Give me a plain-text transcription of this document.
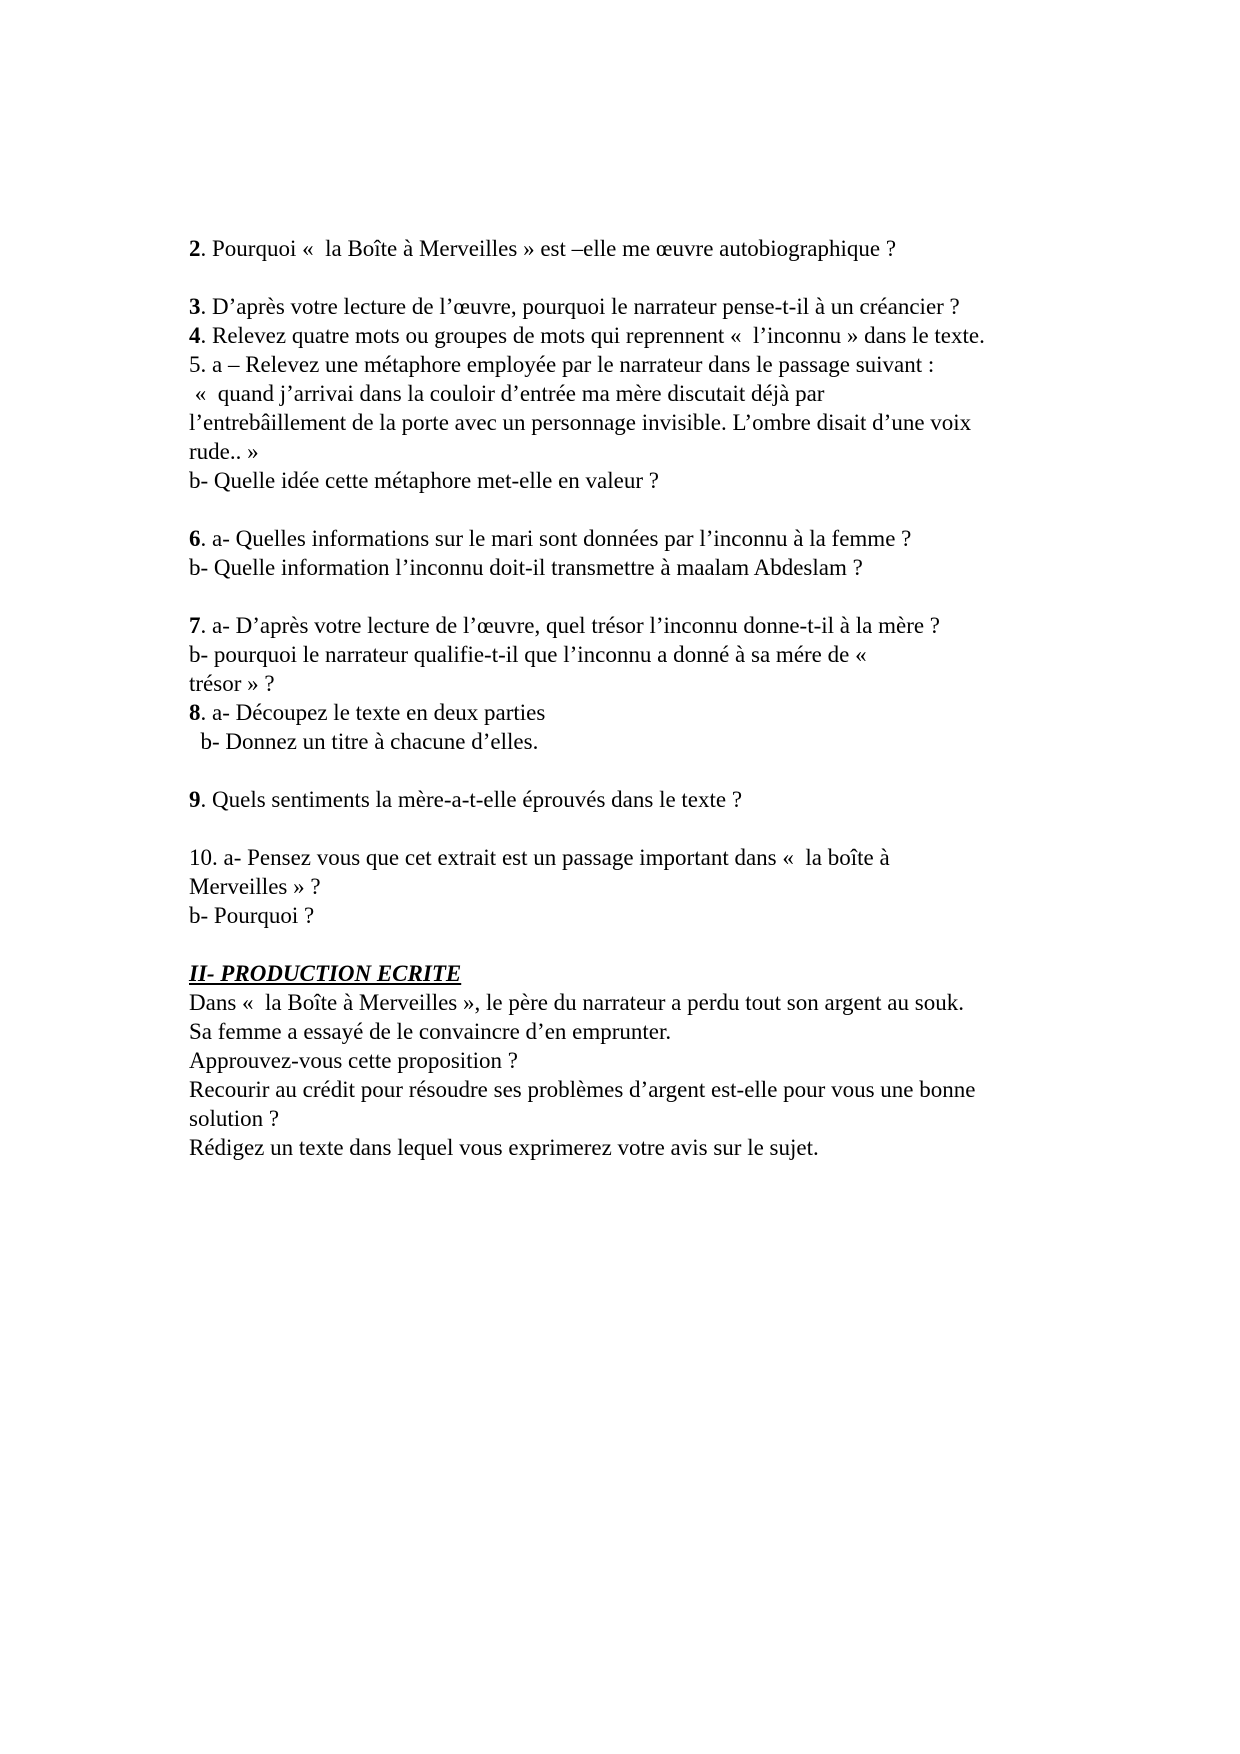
2. Pourquoi «  la Boîte à Merveilles » est –elle me œuvre autobiographique ?
3. D’après votre lecture de l’œuvre, pourquoi le narrateur pense-t-il à un créancier ?
4. Relevez quatre mots ou groupes de mots qui reprennent «  l’inconnu » dans le texte.
5. a – Relevez une métaphore employée par le narrateur dans le passage suivant :
«  quand j’arrivai dans la couloir d’entrée ma mère discutait déjà par
l’entrebâillement de la porte avec un personnage invisible. L’ombre disait d’une voix
rude.. »
b- Quelle idée cette métaphore met-elle en valeur ?
6. a- Quelles informations sur le mari sont données par l’inconnu à la femme ?
b- Quelle information l’inconnu doit-il transmettre à maalam Abdeslam ?
7. a- D’après votre lecture de l’œuvre, quel trésor l’inconnu donne-t-il à la mère ?
b- pourquoi le narrateur qualifie-t-il que l’inconnu a donné à sa mére de «
trésor » ?
8. a- Découpez le texte en deux parties
b- Donnez un titre à chacune d’elles.
9. Quels sentiments la mère-a-t-elle éprouvés dans le texte ?
10. a- Pensez vous que cet extrait est un passage important dans «  la boîte à
Merveilles » ?
b- Pourquoi ?
II- PRODUCTION ECRITE
Dans «  la Boîte à Merveilles », le père du narrateur a perdu tout son argent au souk.
Sa femme a essayé de le convaincre d’en emprunter.
Approuvez-vous cette proposition ?
Recourir au crédit pour résoudre ses problèmes d’argent est-elle pour vous une bonne
solution ?
Rédigez un texte dans lequel vous exprimerez votre avis sur le sujet.
